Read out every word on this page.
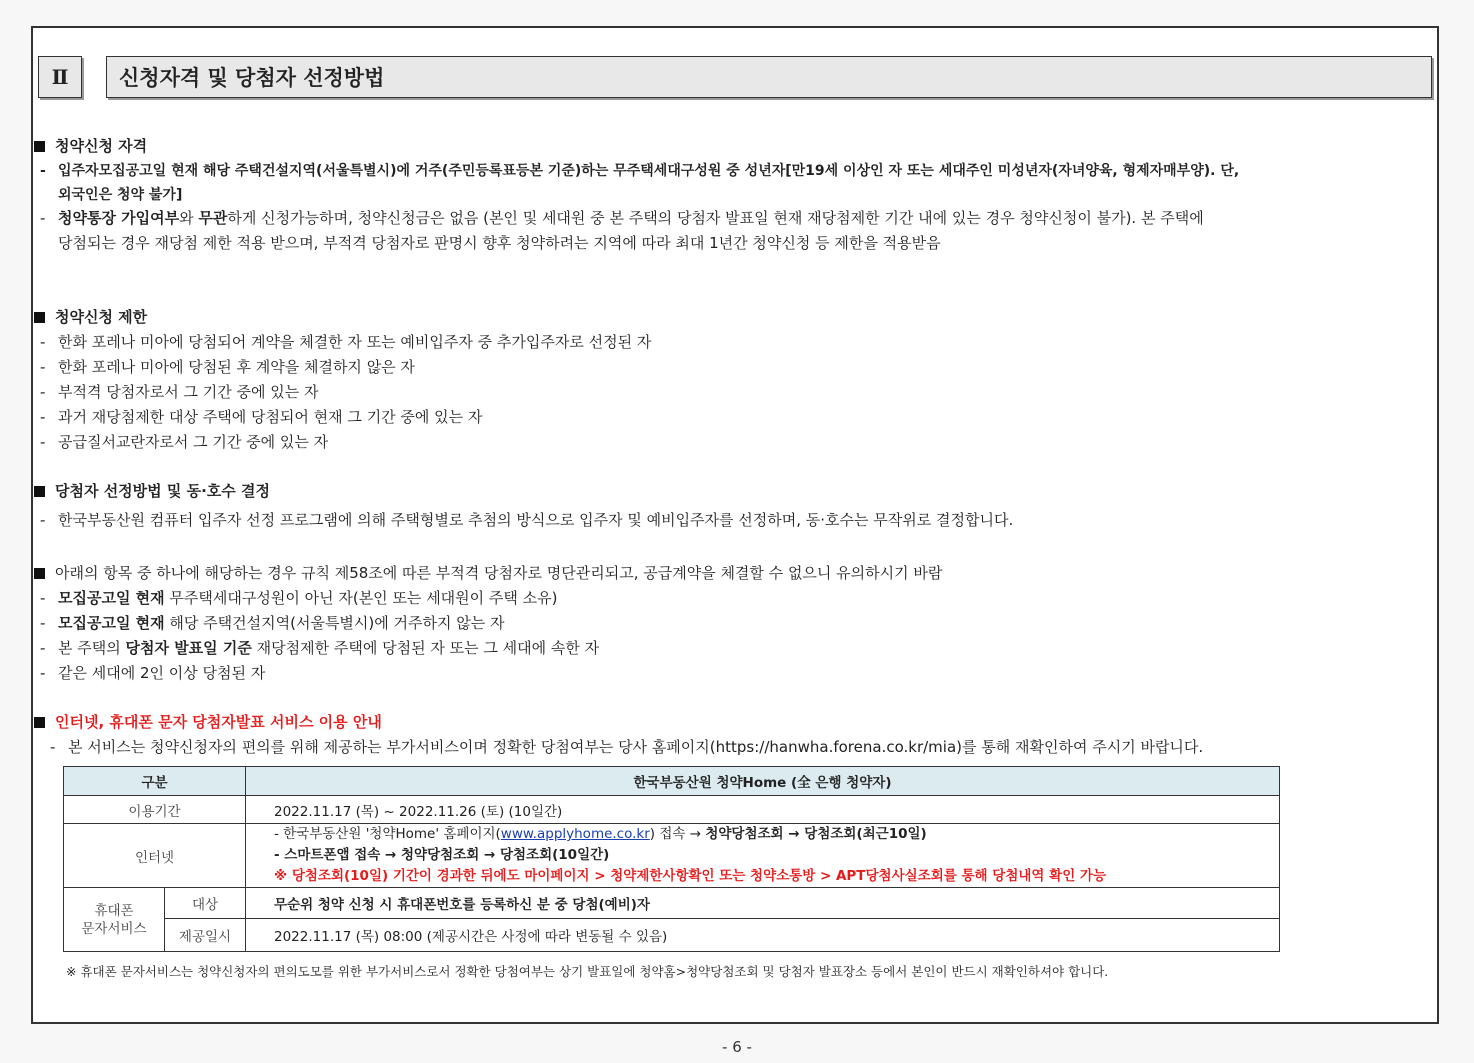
Ⅱ	신청자격 및 당첨자 선정방법
청약신청 자격
- 입주자모집공고일 현재 해당 주택건설지역(서울특별시)에 거주(주민등록표등본 기준)하는 무주택세대구성원 중 성년자[만19세 이상인 자 또는 세대주인 미성년자(자녀양육, 형제자매부양). 단,
외국인은 청약 불가]
- 청약통장 가입여부와 무관하게 신청가능하며, 청약신청금은 없음 (본인 및 세대원 중 본 주택의 당첨자 발표일 현재 재당첨제한 기간 내에 있는 경우 청약신청이 불가). 본 주택에
당첨되는 경우 재당첨 제한 적용 받으며, 부적격 당첨자로 판명시 향후 청약하려는 지역에 따라 최대 1년간 청약신청 등 제한을 적용받음
청약신청 제한
- 한화 포레나 미아에 당첨되어 계약을 체결한 자 또는 예비입주자 중 추가입주자로 선정된 자
- 한화 포레나 미아에 당첨된 후 계약을 체결하지 않은 자
- 부적격 당첨자로서 그 기간 중에 있는 자
- 과거 재당첨제한 대상 주택에 당첨되어 현재 그 기간 중에 있는 자
- 공급질서교란자로서 그 기간 중에 있는 자
당첨자 선정방법 및 동·호수 결정
- 한국부동산원 컴퓨터 입주자 선정 프로그램에 의해 주택형별로 추첨의 방식으로 입주자 및 예비입주자를 선정하며, 동·호수는 무작위로 결정합니다.
아래의 항목 중 하나에 해당하는 경우 규칙 제58조에 따른 부적격 당첨자로 명단관리되고, 공급계약을 체결할 수 없으니 유의하시기 바람
- 모집공고일 현재 무주택세대구성원이 아닌 자(본인 또는 세대원이 주택 소유)
- 모집공고일 현재 해당 주택건설지역(서울특별시)에 거주하지 않는 자
- 본 주택의 당첨자 발표일 기준 재당첨제한 주택에 당첨된 자 또는 그 세대에 속한 자
- 같은 세대에 2인 이상 당첨된 자
인터넷, 휴대폰 문자 당첨자발표 서비스 이용 안내
- 본 서비스는 청약신청자의 편의를 위해 제공하는 부가서비스이며 정확한 당첨여부는 당사 홈페이지(https://hanwha.forena.co.kr/mia)를 통해 재확인하여 주시기 바랍니다.
구분		한국부동산원 청약Home (全 은행 청약자)
이용기간		2022.11.17 (목) ~ 2022.11.26 (토) (10일간)
인터넷		- 한국부동산원 '청약Home' 홈페이지(www.applyhome.co.kr) 접속 → 청약당첨조회 → 당첨조회(최근10일)
- 스마트폰앱 접속 → 청약당첨조회 → 당첨조회(10일간)
※ 당첨조회(10일) 기간이 경과한 뒤에도 마이페이지 > 청약제한사항확인 또는 청약소통방 > APT당첨사실조회를 통해 당첨내역 확인 가능

휴대폰
문자서비스	대상	무순위 청약 신청 시 휴대폰번호를 등록하신 분 중 당첨(예비)자
	제공일시	2022.11.17 (목) 08:00 (제공시간은 사정에 따라 변동될 수 있음)
※ 휴대폰 문자서비스는 청약신청자의 편의도모를 위한 부가서비스로서 정확한 당첨여부는 상기 발표일에 청약홈>청약당첨조회 및 당첨자 발표장소 등에서 본인이 반드시 재확인하셔야 합니다.
- 6 -
